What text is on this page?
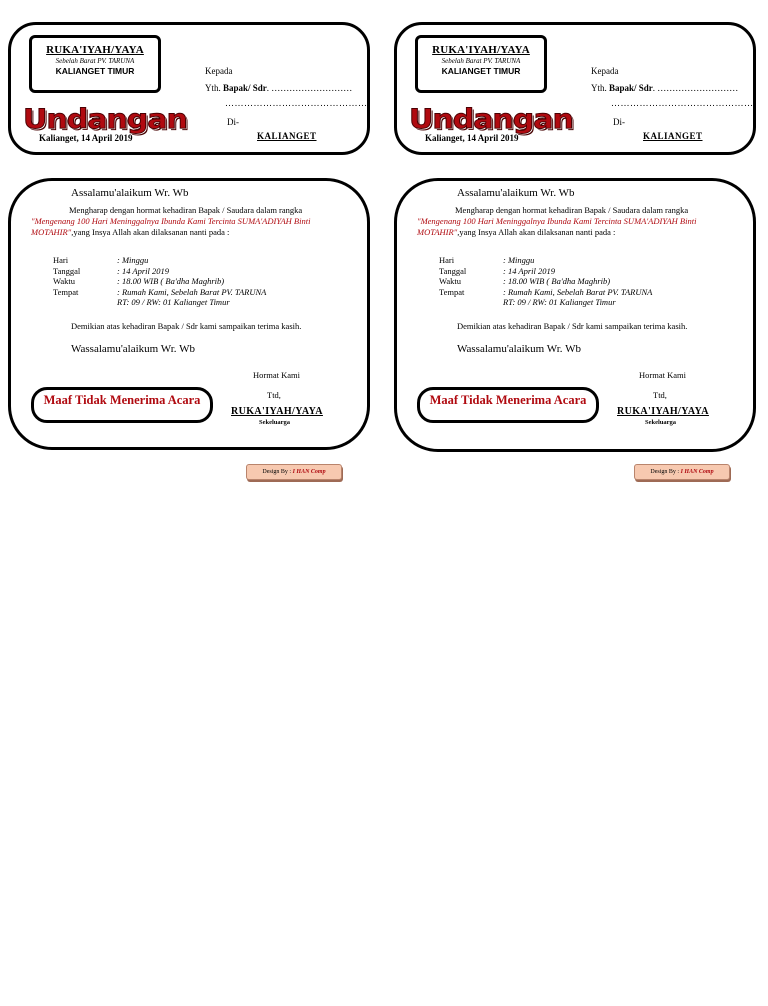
RUKA'IYAH/YAYA
Sebelah Barat PV. TARUNA
KALIANGET TIMUR
Undangan
Kalianget, 14 April 2019
Kepada
Yth. Bapak/ Sdr. ………………………
……………………………………….
Di-
KALIANGET
Assalamu'alaikum Wr. Wb
Mengharap dengan hormat kehadiran Bapak / Saudara dalam rangka
"Mengenang 100 Hari Meninggalnya Ibunda Kami Tercinta SUMA'ADIYAH Binti MOTAHIR",yang Insya Allah akan dilaksanan nanti pada :
Hari	: Minggu
Tanggal	: 14 April 2019
Waktu	: 18.00 WIB ( Ba'dha Maghrib)
Tempat	: Rumah Kami, Sebelah Barat PV. TARUNA
RT: 09 / RW: 01 Kalianget Timur
Demikian atas kehadiran Bapak / Sdr kami sampaikan terima kasih.
Wassalamu'alaikum Wr. Wb
Hormat Kami
Ttd,
RUKA'IYAH/YAYA
Sekeluarga
Maaf Tidak Menerima Acara
Design By : I HAN Comp
RUKA'IYAH/YAYA
Sebelah Barat PV. TARUNA
KALIANGET TIMUR
Undangan
Kalianget, 14 April 2019
Kepada
Yth. Bapak/ Sdr. ………………………
……………………………………….
Di-
KALIANGET
Assalamu'alaikum Wr. Wb
Mengharap dengan hormat kehadiran Bapak / Saudara dalam rangka
"Mengenang 100 Hari Meninggalnya Ibunda Kami Tercinta SUMA'ADIYAH Binti MOTAHIR",yang Insya Allah akan dilaksanan nanti pada :
Hari	: Minggu
Tanggal	: 14 April 2019
Waktu	: 18.00 WIB ( Ba'dha Maghrib)
Tempat	: Rumah Kami, Sebelah Barat PV. TARUNA
RT: 09 / RW: 01 Kalianget Timur
Demikian atas kehadiran Bapak / Sdr kami sampaikan terima kasih.
Wassalamu'alaikum Wr. Wb
Hormat Kami
Ttd,
RUKA'IYAH/YAYA
Sekeluarga
Maaf Tidak Menerima Acara
Design By : I HAN Comp
